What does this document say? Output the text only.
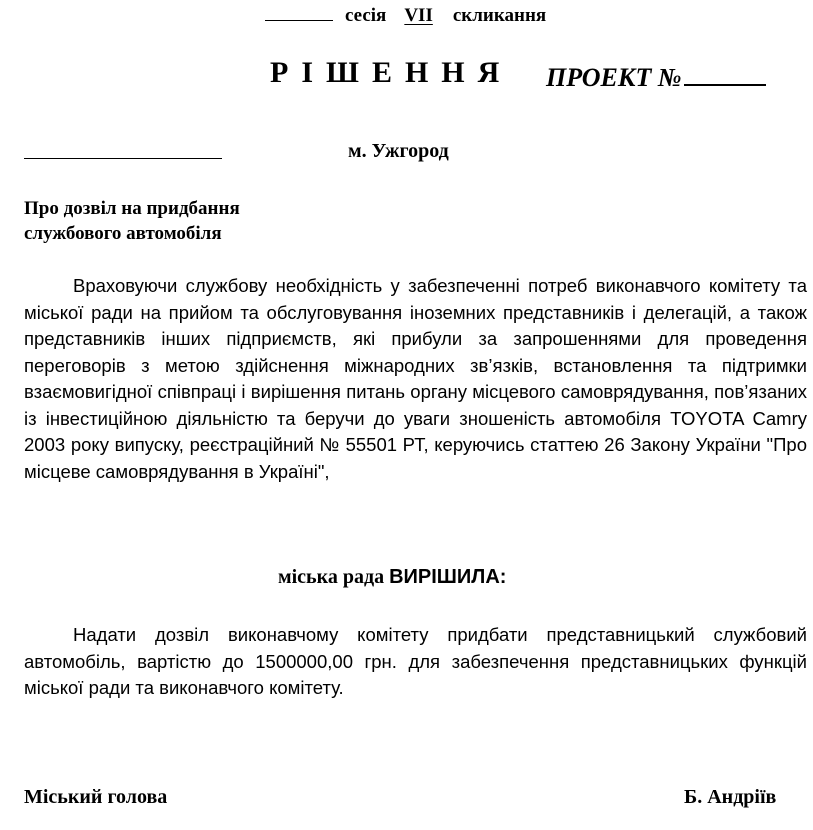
сесія VII скликання
РІШЕННЯ ПРОЕКТ №
м. Ужгород
Про дозвіл на придбання
службового автомобіля
Враховуючи службову необхідність у забезпеченні потреб виконавчого комітету та міської ради на прийом та обслуговування іноземних представників і делегацій, а також представників інших підприємств, які прибули за запрошеннями для проведення переговорів з метою здійснення міжнародних зв’язків, встановлення та підтримки взаємовигідної співпраці і вирішення питань органу місцевого самоврядування, пов’язаних із інвестиційною діяльністю та беручи до уваги зношеність автомобіля TOYOTA Camry 2003 року випуску, реєстраційний № 55501 РТ, керуючись статтею 26 Закону України "Про місцеве самоврядування в Україні",
міська рада ВИРІШИЛА:
Надати дозвіл виконавчому комітету придбати представницький службовий автомобіль, вартістю до 1500000,00 грн. для забезпечення представницьких функцій міської ради та виконавчого комітету.
Міський голова	Б. Андріїв
